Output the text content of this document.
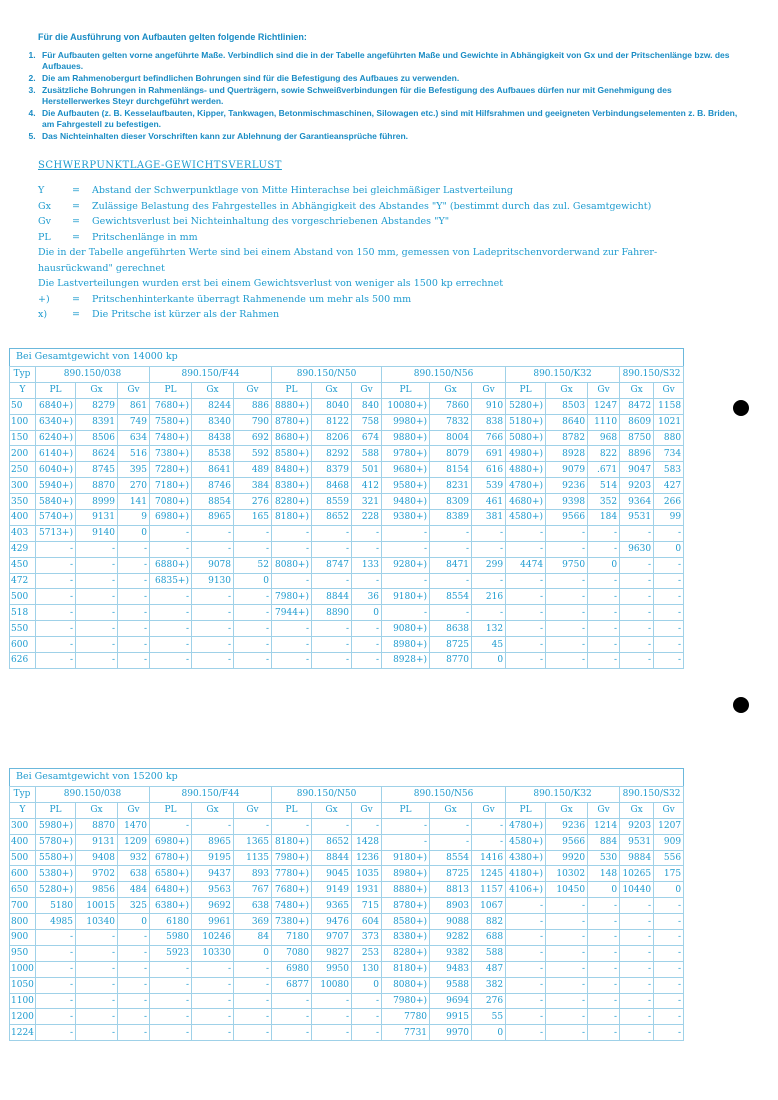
Für die Ausführung von Aufbauten gelten folgende Richtlinien:
1. Für Aufbauten gelten vorne angeführte Maße. Verbindlich sind die in der Tabelle angeführten Maße und Gewichte in Abhängigkeit von Gx und der Pritschenlänge bzw. des Aufbaues.
2. Die am Rahmenobergurt befindlichen Bohrungen sind für die Befestigung des Aufbaues zu verwenden.
3. Zusätzliche Bohrungen in Rahmenlängs- und Querträgern, sowie Schweißverbindungen für die Befestigung des Aufbaues dürfen nur mit Genehmigung des Herstellerwerkes Steyr durchgeführt werden.
4. Die Aufbauten (z. B. Kesselaufbauten, Kipper, Tankwagen, Betonmischmaschinen, Silowagen etc.) sind mit Hilfsrahmen und geeigneten Verbindungselementen z. B. Briden, am Fahrgestell zu befestigen.
5. Das Nichteinhalten dieser Vorschriften kann zur Ablehnung der Garantieansprüche führen.
SCHWERPUNKTLAGE-GEWICHTSVERLUST
Y	=	Abstand der Schwerpunktlage von Mitte Hinterachse bei gleichmäßiger Lastverteilung
Gx	=	Zulässige Belastung des Fahrgestelles in Abhängigkeit des Abstandes "Y" (bestimmt durch das zul. Gesamtgewicht)
Gv	=	Gewichtsverlust bei Nichteinhaltung des vorgeschriebenen Abstandes "Y"
PL	=	Pritschenlänge in mm
Die in der Tabelle angeführten Werte sind bei einem Abstand von 150 mm, gemessen von Ladepritschenvorderwand zur Fahrer-
hausrückwand" gerechnet
Die Lastverteilungen wurden erst bei einem Gewichtsverlust von weniger als 1500 kp errechnet
+)	=	Pritschenhinterkante überragt Rahmenende um mehr als 500 mm
x)	=	Die Pritsche ist kürzer als der Rahmen
Bei Gesamtgewicht von 14000 kp
Typ	890.150/038			890.150/F44			890.150/N50			890.150/N56			890.150/K32			890.150/S32	
Y	PL	Gx	Gv	PL	Gx	Gv	PL	Gx	Gv	PL	Gx	Gv	PL	Gx	Gv	Gx	Gv
50	6840+)	8279	861	7680+)	8244	886	8880+)	8040	840	10080+)	7860	910	5280+)	8503	1247	8472	1158
100	6340+)	8391	749	7580+)	8340	790	8780+)	8122	758	9980+)	7832	838	5180+)	8640	1110	8609	1021
150	6240+)	8506	634	7480+)	8438	692	8680+)	8206	674	9880+)	8004	766	5080+)	8782	968	8750	880
200	6140+)	8624	516	7380+)	8538	592	8580+)	8292	588	9780+)	8079	691	4980+)	8928	822	8896	734
250	6040+)	8745	395	7280+)	8641	489	8480+)	8379	501	9680+)	8154	616	4880+)	9079	.671	9047	583
300	5940+)	8870	270	7180+)	8746	384	8380+)	8468	412	9580+)	8231	539	4780+)	9236	514	9203	427
350	5840+)	8999	141	7080+)	8854	276	8280+)	8559	321	9480+)	8309	461	4680+)	9398	352	9364	266
400	5740+)	9131	9	6980+)	8965	165	8180+)	8652	228	9380+)	8389	381	4580+)	9566	184	9531	99
403	5713+)	9140	0	-	-	-	-	-	-	-	-	-	-	-	-	-	-
429	-	-	-	-	-	-	-	-	-	-	-	-	-	-	-	9630	0
450	-	-	-	6880+)	9078	52	8080+)	8747	133	9280+)	8471	299	4474	9750	0	-	-
472	-	-	-	6835+)	9130	0	-	-	-	-	-	-	-	-	-	-	-
500	-	-	-	-	-	-	7980+)	8844	36	9180+)	8554	216	-	-	-	-	-
518	-	-	-	-	-	-	7944+)	8890	0	-	-	-	-	-	-	-	-
550	-	-	-	-	-	-	-	-	-	9080+)	8638	132	-	-	-	-	-
600	-	-	-	-	-	-	-	-	-	8980+)	8725	45	-	-	-	-	-
626	-	-	-	-	-	-	-	-	-	8928+)	8770	0	-	-	-	-	-
Bei Gesamtgewicht von 15200 kp
Typ	890.150/038			890.150/F44			890.150/N50			890.150/N56			890.150/K32			890.150/S32	
Y	PL	Gx	Gv	PL	Gx	Gv	PL	Gx	Gv	PL	Gx	Gv	PL	Gx	Gv	Gx	Gv
300	5980+)	8870	1470	-	-	-	-	-	-	-	-	-	4780+)	9236	1214	9203	1207
400	5780+)	9131	1209	6980+)	8965	1365	8180+)	8652	1428	-	-	-	4580+)	9566	884	9531	909
500	5580+)	9408	932	6780+)	9195	1135	7980+)	8844	1236	9180+)	8554	1416	4380+)	9920	530	9884	556
600	5380+)	9702	638	6580+)	9437	893	7780+)	9045	1035	8980+)	8725	1245	4180+)	10302	148	10265	175
650	5280+)	9856	484	6480+)	9563	767	7680+)	9149	1931	8880+)	8813	1157	4106+)	10450	0	10440	0
700	5180	10015	325	6380+)	9692	638	7480+)	9365	715	8780+)	8903	1067	-	-	-	-	-
800	4985	10340	0	6180	9961	369	7380+)	9476	604	8580+)	9088	882	-	-	-	-	-
900	-	-	-	5980	10246	84	7180	9707	373	8380+)	9282	688	-	-	-	-	-
950	-	-	-	5923	10330	0	7080	9827	253	8280+)	9382	588	-	-	-	-	-
1000	-	-	-	-	-	-	6980	9950	130	8180+)	9483	487	-	-	-	-	-
1050	-	-	-	-	-	-	6877	10080	0	8080+)	9588	382	-	-	-	-	-
1100	-	-	-	-	-	-	-	-	-	7980+)	9694	276	-	-	-	-	-
1200	-	-	-	-	-	-	-	-	-	7780	9915	55	-	-	-	-	-
1224	-	-	-	-	-	-	-	-	-	7731	9970	0	-	-	-	-	-
